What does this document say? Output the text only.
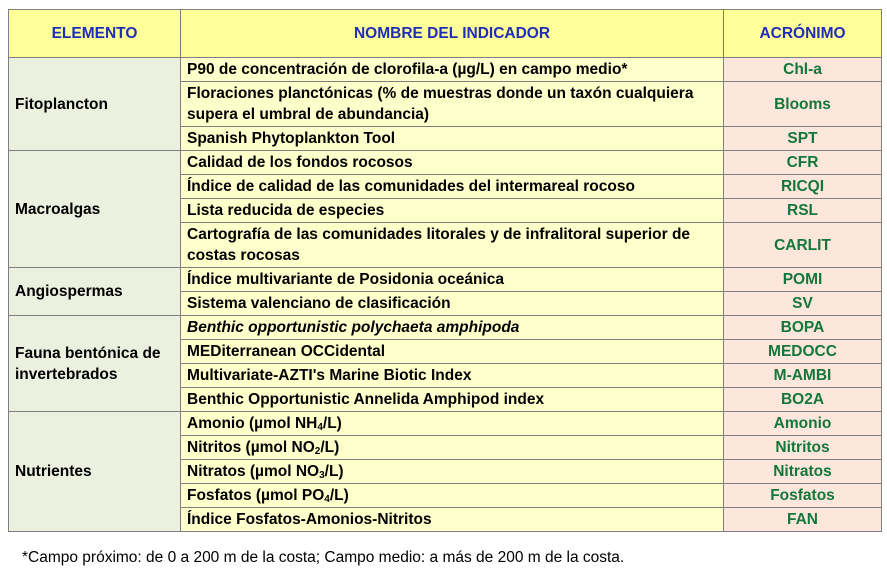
ELEMENTO	NOMBRE DEL INDICADOR	ACRÓNIMO
Fitoplancton	P90 de concentración de clorofila-a (µg/L) en campo medio*	Chl-a
	Floraciones planctónicas (% de muestras donde un taxón cualquiera supera el umbral de abundancia)	Blooms
	Spanish Phytoplankton Tool	SPT
Macroalgas	Calidad de los fondos rocosos	CFR
	Índice de calidad de las comunidades del intermareal rocoso	RICQI
	Lista reducida de especies	RSL
	Cartografía de las comunidades litorales y de infralitoral superior de costas rocosas	CARLIT
Angiospermas	Índice multivariante de Posidonia oceánica	POMI
	Sistema valenciano de clasificación	SV
Fauna bentónica de invertebrados	Benthic opportunistic polychaeta amphipoda	BOPA
	MEDiterranean OCCidental	MEDOCC
	Multivariate-AZTI's Marine Biotic Index	M-AMBI
	Benthic Opportunistic Annelida Amphipod index	BO2A
Nutrientes	Amonio (µmol $NH_4/L$)	Amonio
	Nitritos (µmol $NO_2/L$)	Nitritos
	Nitratos (µmol $NO_3/L$)	Nitratos
	Fosfatos (µmol $PO_4/L$)	Fosfatos
	Índice Fosfatos-Amonios-Nitritos	FAN
*Campo próximo: de 0 a 200 m de la costa; Campo medio: a más de 200 m de la costa.
